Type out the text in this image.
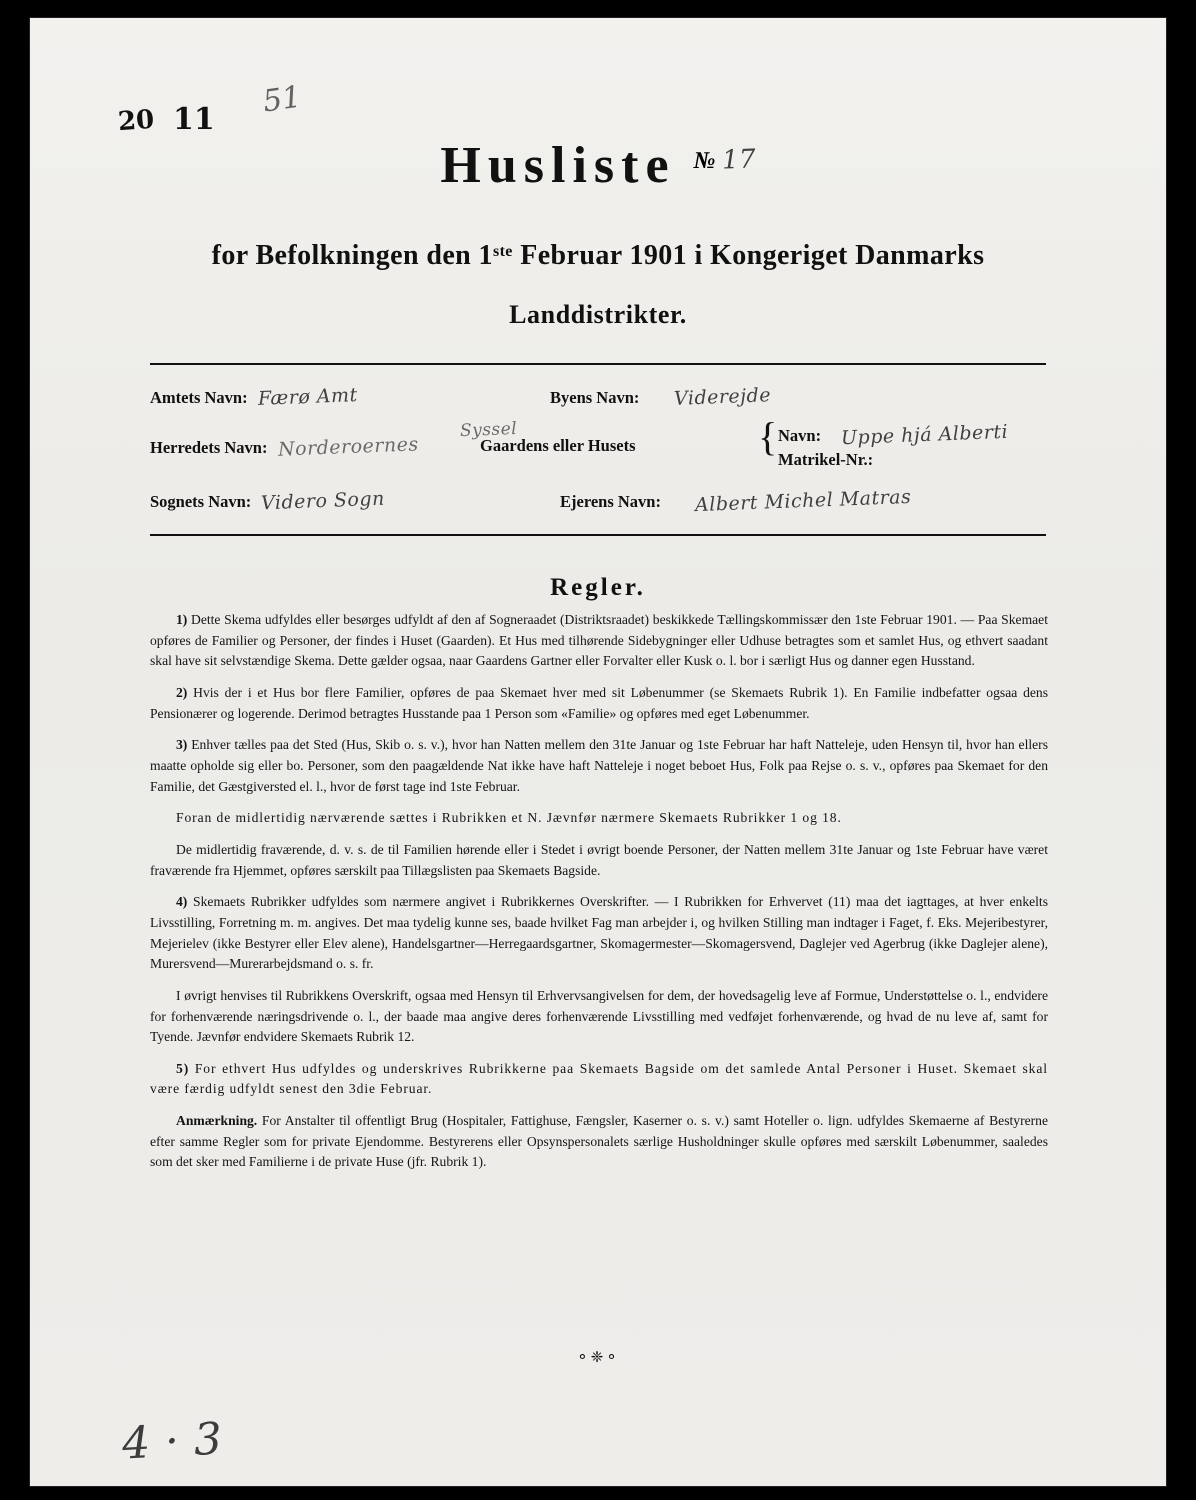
20 11
51
Husliste № 17
for Befolkningen den 1ste Februar 1901 i Kongeriget Danmarks
Landdistrikter.
Amtets Navn: Færø Amt	Byens Navn: Viderejde
Herredets Navn: Norderoernes
Syssel
Gaardens eller Husets	{ Navn: Uppe hjá Alberti
Matrikel-Nr.:
Sognets Navn: Videro Sogn	Ejerens Navn: Albert Michel Matras
Regler.

1) Dette Skema udfyldes eller besørges udfyldt af den af Sogneraadet (Distriktsraadet) beskikkede Tællingskommissær den 1ste Februar 1901. — Paa Skemaet opføres de Familier og Personer, der findes i Huset (Gaarden). Et Hus med tilhørende Sidebygninger eller Udhuse betragtes som et samlet Hus, og ethvert saadant skal have sit selvstændige Skema. Dette gælder ogsaa, naar Gaardens Gartner eller Forvalter eller Kusk o. l. bor i særligt Hus og danner egen Husstand.

2) Hvis der i et Hus bor flere Familier, opføres de paa Skemaet hver med sit Løbenummer (se Skemaets Rubrik 1). En Familie indbefatter ogsaa dens Pensionærer og logerende. Derimod betragtes Husstande paa 1 Person som «Familie» og opføres med eget Løbenummer.

3) Enhver tælles paa det Sted (Hus, Skib o. s. v.), hvor han Natten mellem den 31te Januar og 1ste Februar har haft Natteleje, uden Hensyn til, hvor han ellers maatte opholde sig eller bo. Personer, som den paagældende Nat ikke have haft Natteleje i noget beboet Hus, Folk paa Rejse o. s. v., opføres paa Skemaet for den Familie, det Gæstgiversted el. l., hvor de først tage ind 1ste Februar.

Foran de midlertidig nærværende sættes i Rubrikken et N. Jævnfør nærmere Skemaets Rubrikker 1 og 18.

De midlertidig fraværende, d. v. s. de til Familien hørende eller i Stedet i øvrigt boende Personer, der Natten mellem 31te Januar og 1ste Februar have været fraværende fra Hjemmet, opføres særskilt paa Tillægslisten paa Skemaets Bagside.

4) Skemaets Rubrikker udfyldes som nærmere angivet i Rubrikkernes Overskrifter. — I Rubrikken for Erhvervet (11) maa det iagttages, at hver enkelts Livsstilling, Forretning m. m. angives. Det maa tydelig kunne ses, baade hvilket Fag man arbejder i, og hvilken Stilling man indtager i Faget, f. Eks. Mejeribestyrer, Mejerielev (ikke Bestyrer eller Elev alene), Handelsgartner—Herregaardsgartner, Skomagermester—Skomagersvend, Daglejer ved Agerbrug (ikke Daglejer alene), Murersvend—Murerarbejdsmand o. s. fr.

I øvrigt henvises til Rubrikkens Overskrift, ogsaa med Hensyn til Erhvervsangivelsen for dem, der hovedsagelig leve af Formue, Understøttelse o. l., endvidere for forhenværende næringsdrivende o. l., der baade maa angive deres forhenværende Livsstilling med vedføjet forhenværende, og hvad de nu leve af, samt for Tyende. Jævnfør endvidere Skemaets Rubrik 12.

5) For ethvert Hus udfyldes og underskrives Rubrikkerne paa Skemaets Bagside om det samlede Antal Personer i Huset. Skemaet skal være færdig udfyldt senest den 3die Februar.

Anmærkning. For Anstalter til offentligt Brug (Hospitaler, Fattighuse, Fængsler, Kaserner o. s. v.) samt Hoteller o. lign. udfyldes Skemaerne af Bestyrerne efter samme Regler som for private Ejendomme. Bestyrerens eller Opsynspersonalets særlige Husholdninger skulle opføres med særskilt Løbenummer, saaledes som det sker med Familierne i de private Huse (jfr. Rubrik 1).

⚬❈⚬
4 · 3
